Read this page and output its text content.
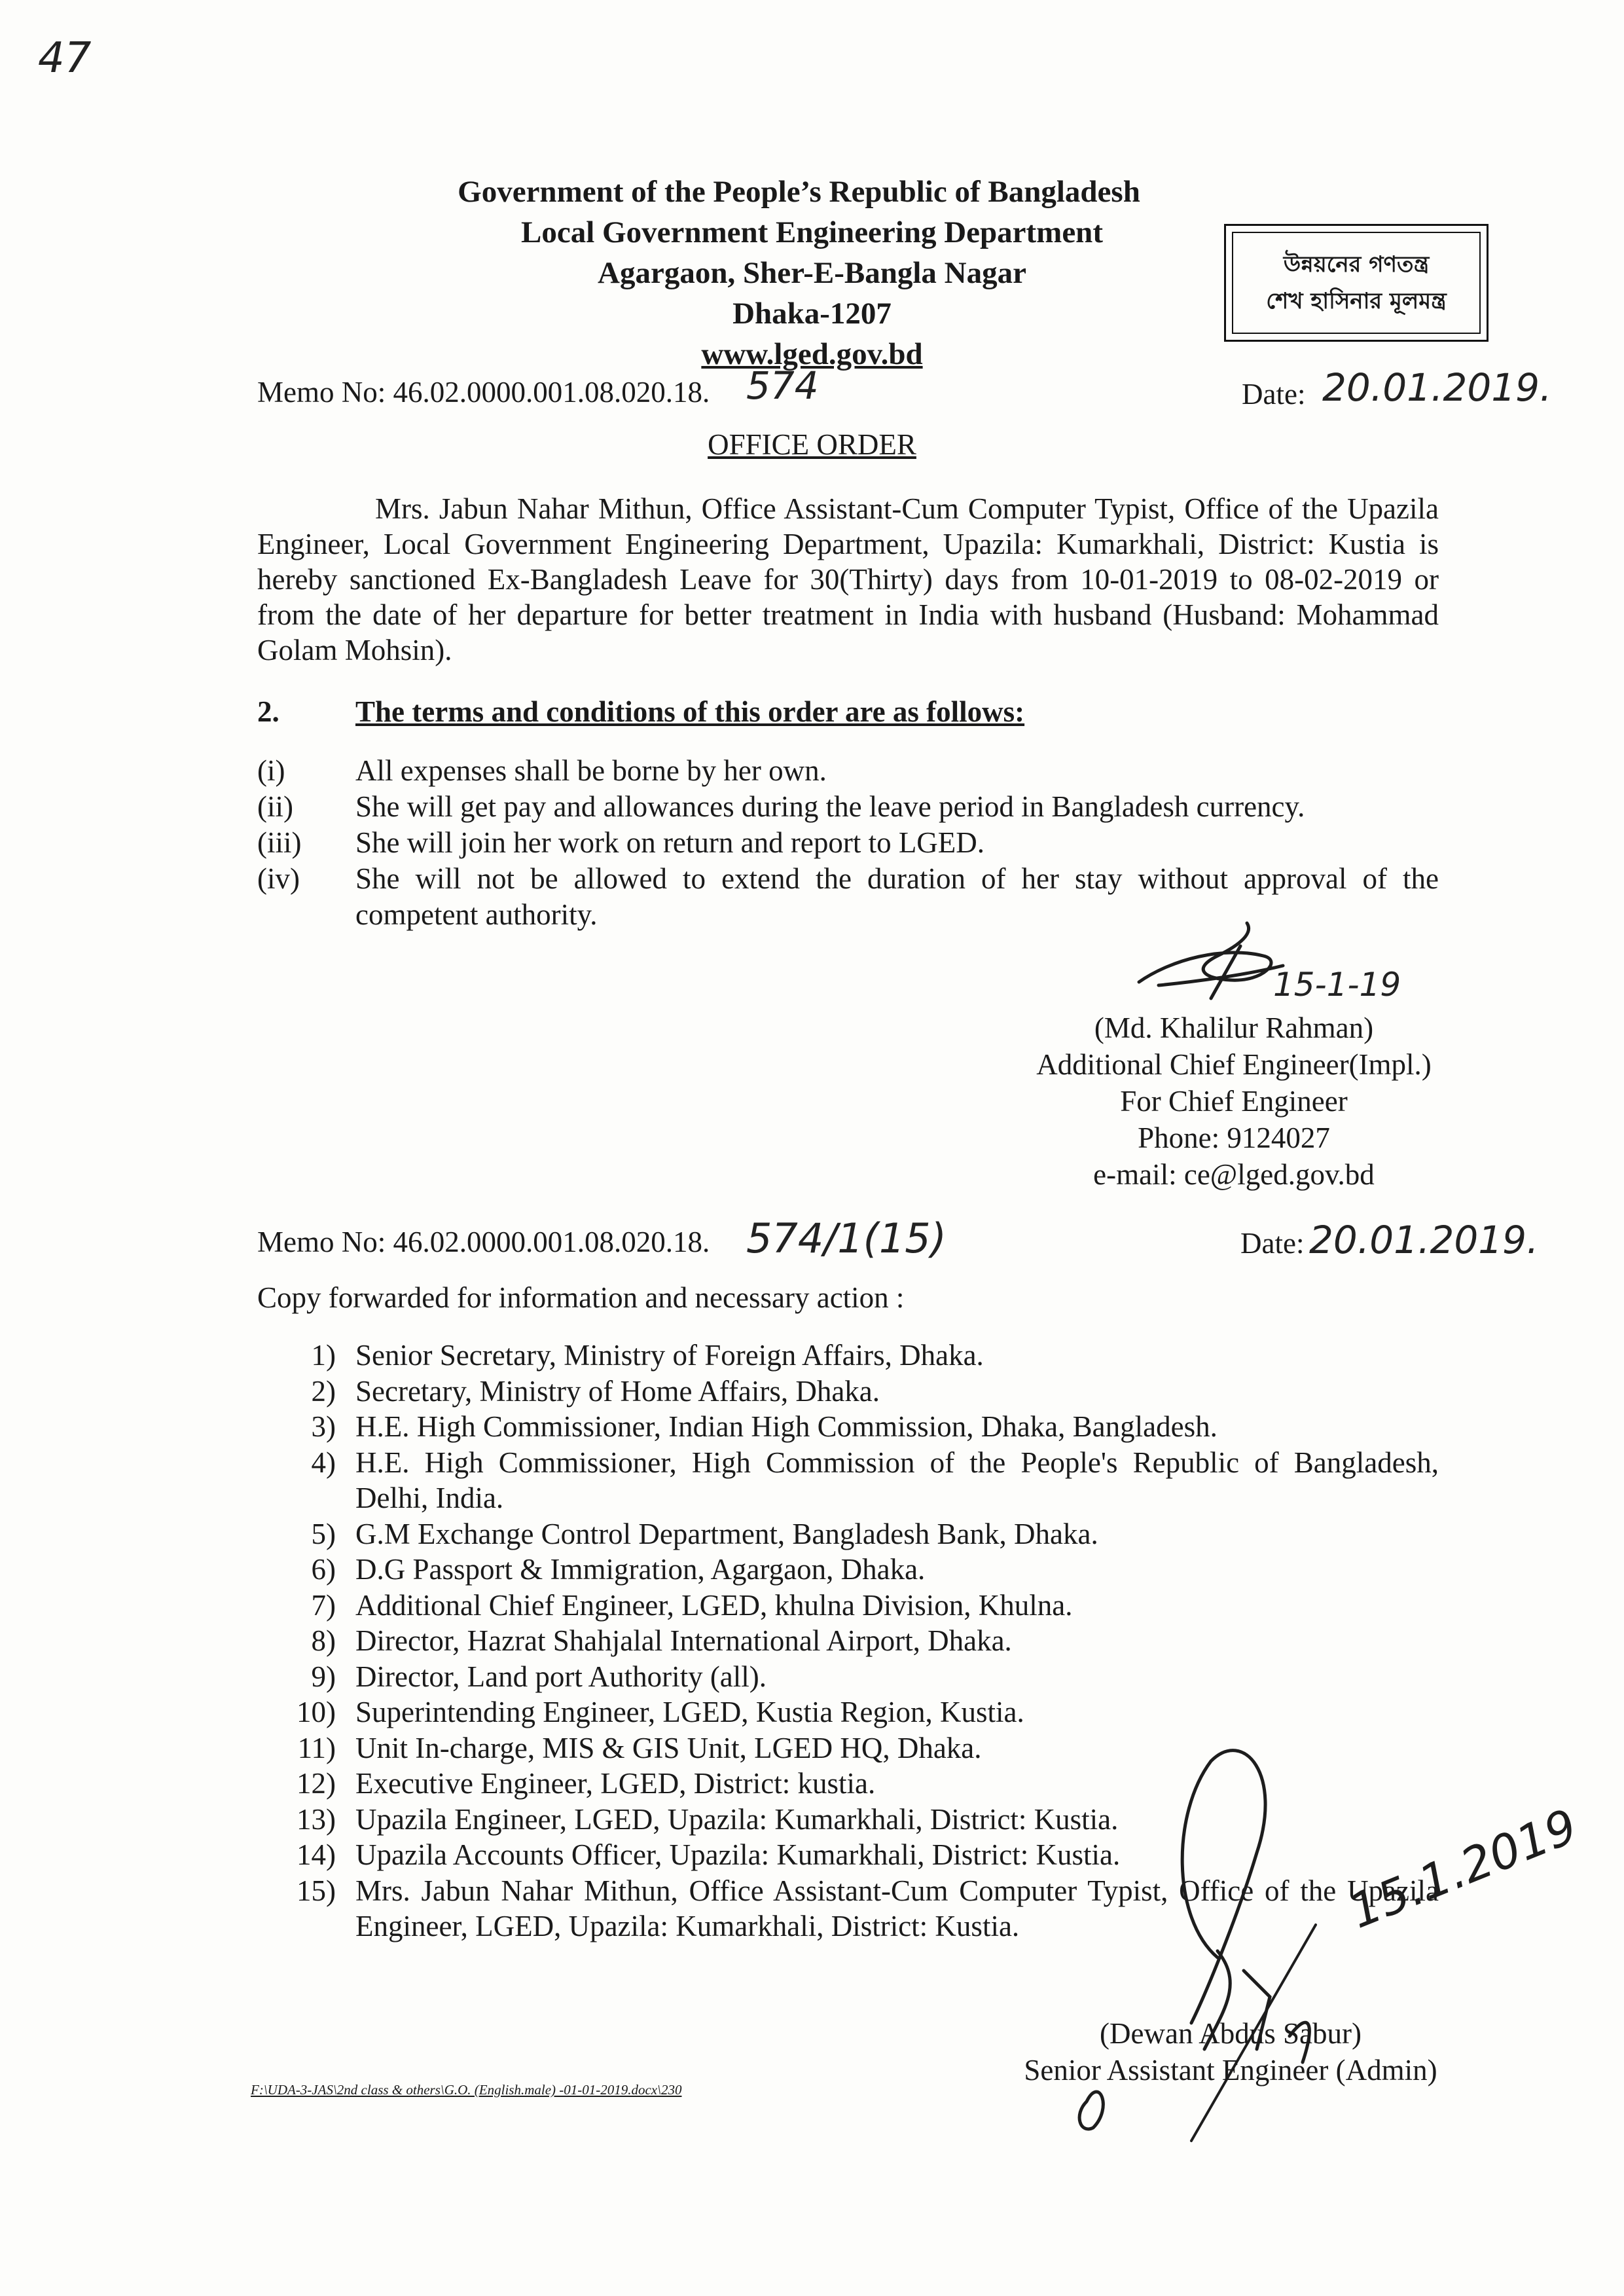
47
Government of the People’s Republic of Bangladesh
Local Government Engineering Department
Agargaon, Sher-E-Bangla Nagar
Dhaka-1207
www.lged.gov.bd
উন্নয়নের গণতন্ত্র
শেখ হাসিনার মূলমন্ত্র
Memo No: 46.02.0000.001.08.020.18. 574	Date: 20.01.2019.
OFFICE ORDER

Mrs. Jabun Nahar Mithun, Office Assistant-Cum Computer Typist, Office of the Upazila Engineer, Local Government Engineering Department, Upazila: Kumarkhali, District: Kustia is hereby sanctioned Ex-Bangladesh Leave for 30(Thirty) days from 10-01-2019 to 08-02-2019 or from the date of her departure for better treatment in India with husband (Husband: Mohammad Golam Mohsin).

2.	The terms and conditions of this order are as follows:
(i)	All expenses shall be borne by her own.
(ii)	She will get pay and allowances during the leave period in Bangladesh currency.
(iii)	She will join her work on return and report to LGED.
(iv)	She will not be allowed to extend the duration of her stay without approval of the competent authority.
15-1-19
(Md. Khalilur Rahman)
Additional Chief Engineer(Impl.)
For Chief Engineer
Phone: 9124027
e-mail: ce@lged.gov.bd
Memo No: 46.02.0000.001.08.020.18. 574/1(15)	Date: 20.01.2019.
Copy forwarded for information and necessary action :
1) Senior Secretary, Ministry of Foreign Affairs, Dhaka.
2) Secretary, Ministry of Home Affairs, Dhaka.
3) H.E. High Commissioner, Indian High Commission, Dhaka, Bangladesh.
4) H.E. High Commissioner, High Commission of the People's Republic of Bangladesh, Delhi, India.
5) G.M Exchange Control Department, Bangladesh Bank, Dhaka.
6) D.G Passport & Immigration, Agargaon, Dhaka.
7) Additional Chief Engineer, LGED, khulna Division, Khulna.
8) Director, Hazrat Shahjalal International Airport, Dhaka.
9) Director, Land port Authority (all).
10) Superintending Engineer, LGED, Kustia Region, Kustia.
11) Unit In-charge, MIS & GIS Unit, LGED HQ, Dhaka.
12) Executive Engineer, LGED, District: kustia.
13) Upazila Engineer, LGED, Upazila: Kumarkhali, District: Kustia.
14) Upazila Accounts Officer, Upazila: Kumarkhali, District: Kustia.
15) Mrs. Jabun Nahar Mithun, Office Assistant-Cum Computer Typist, Office of the Upazila Engineer, LGED, Upazila: Kumarkhali, District: Kustia.	15.1.2019
(Dewan Abdus Sabur)
Senior Assistant Engineer (Admin)
F:\UDA-3-JAS\2nd class & others\G.O. (English.male) -01-01-2019.docx\230
